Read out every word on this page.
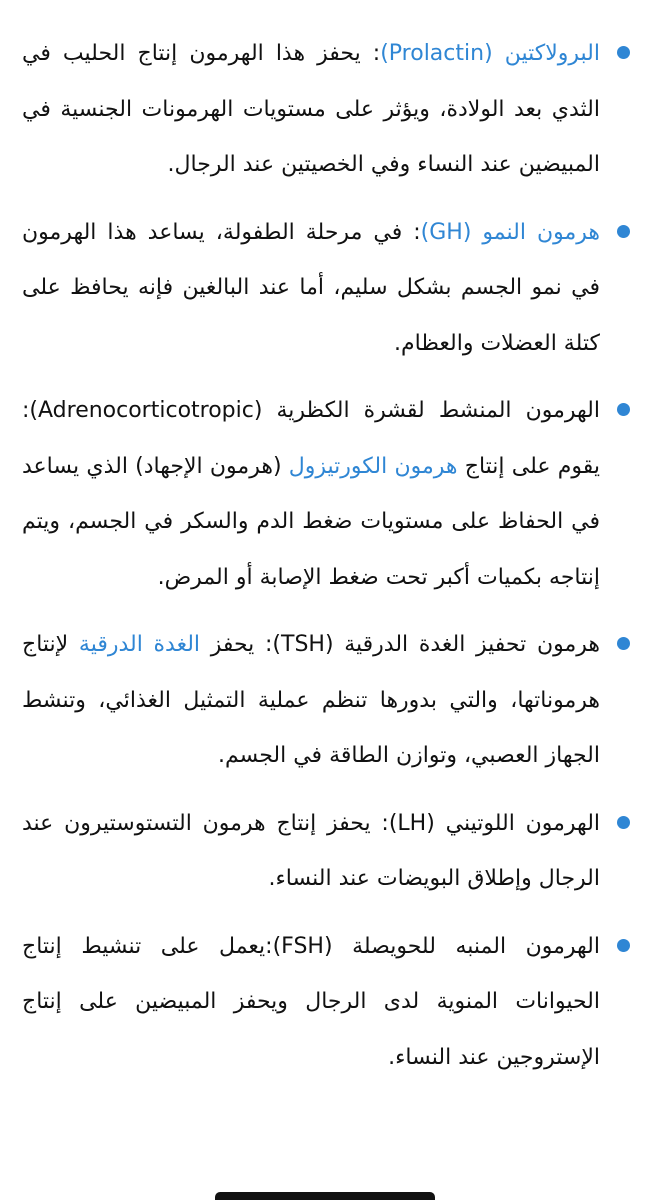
البرولاكتين (Prolactin): يحفز هذا الهرمون إنتاج الحليب في الثدي بعد الولادة، ويؤثر على مستويات الهرمونات الجنسية في المبيضين عند النساء وفي الخصيتين عند الرجال.
هرمون النمو (GH): في مرحلة الطفولة، يساعد هذا الهرمون في نمو الجسم بشكل سليم، أما عند البالغين فإنه يحافظ على كتلة العضلات والعظام.
الهرمون المنشط لقشرة الكظرية (Adrenocorticotropic): يقوم على إنتاج هرمون الكورتيزول (هرمون الإجهاد) الذي يساعد في الحفاظ على مستويات ضغط الدم والسكر في الجسم، ويتم إنتاجه بكميات أكبر تحت ضغط الإصابة أو المرض.
هرمون تحفيز الغدة الدرقية (TSH): يحفز الغدة الدرقية لإنتاج هرموناتها، والتي بدورها تنظم عملية التمثيل الغذائي، وتنشط الجهاز العصبي، وتوازن الطاقة في الجسم.
الهرمون اللوتيني (LH): يحفز إنتاج هرمون التستوستيرون عند الرجال وإطلاق البويضات عند النساء.
الهرمون المنبه للحويصلة (FSH):يعمل على تنشيط إنتاج الحيوانات المنوية لدى الرجال ويحفز المبيضين على إنتاج الإستروجين عند النساء.
